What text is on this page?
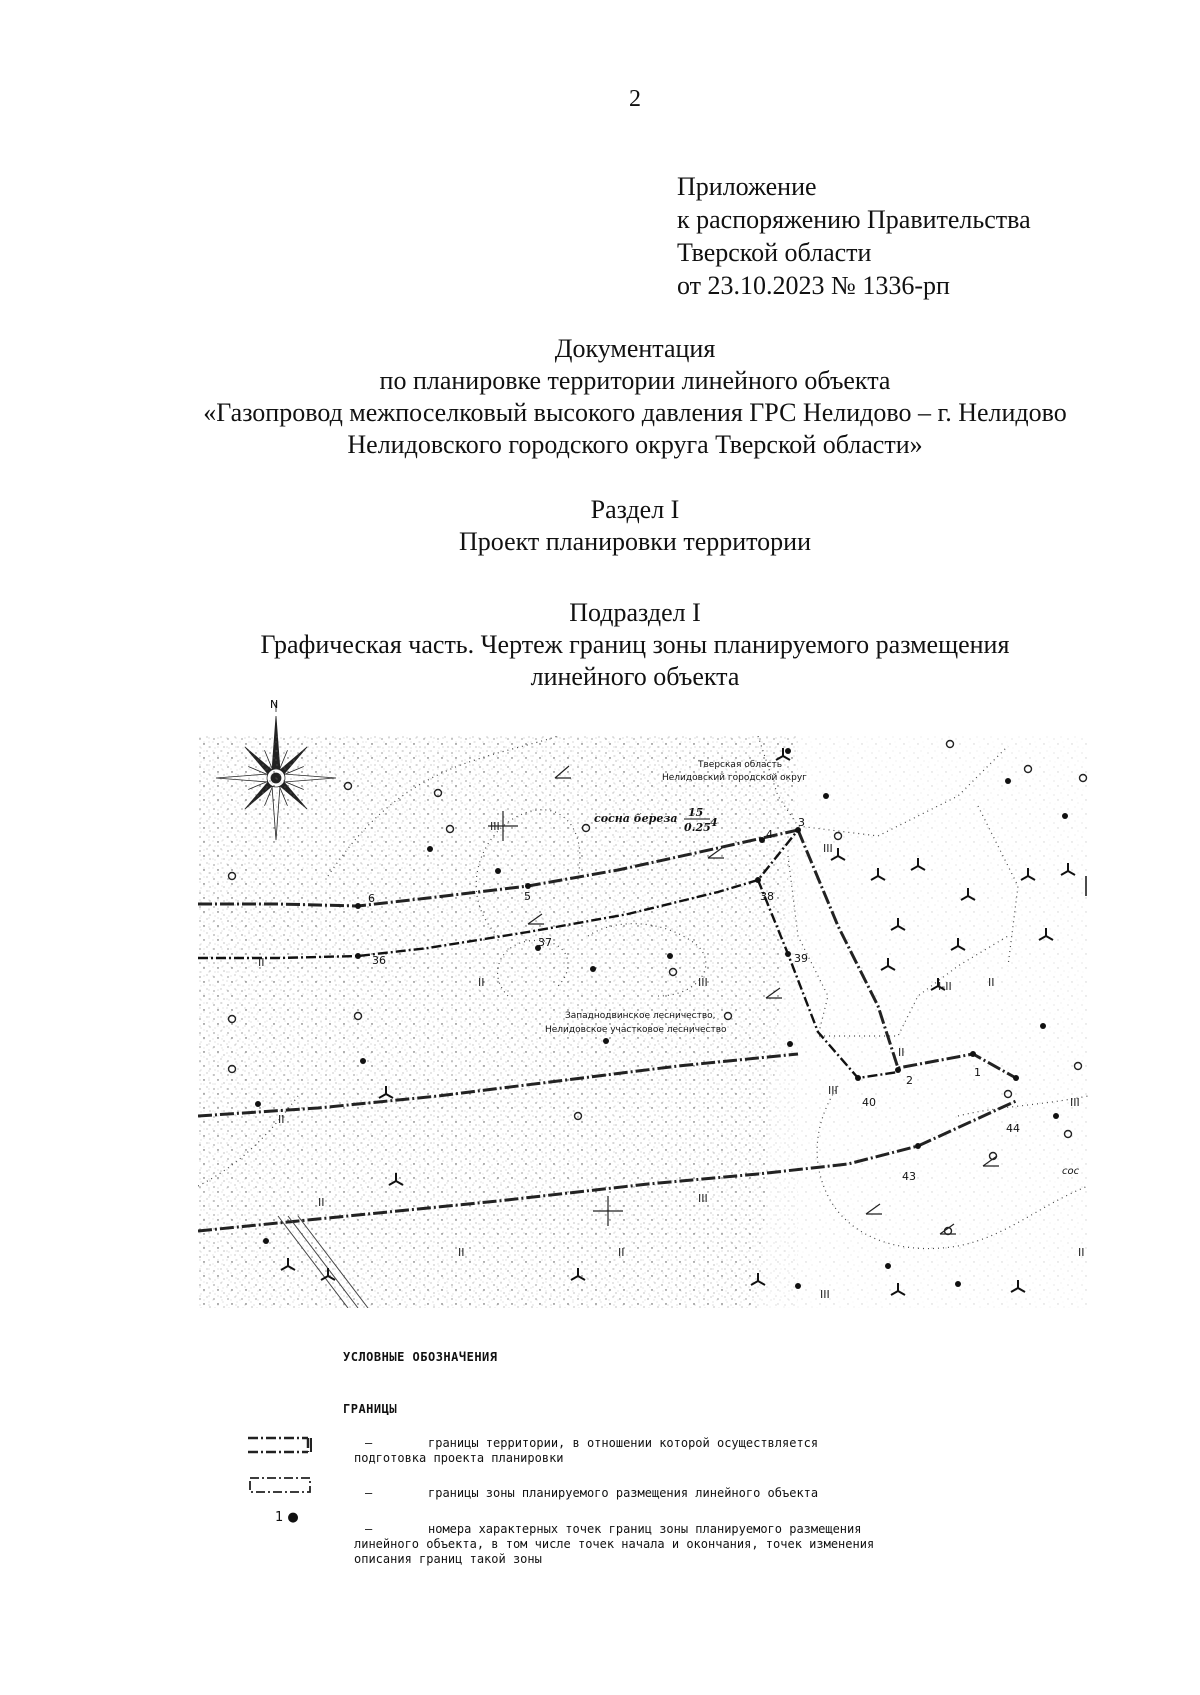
2
Приложение
к распоряжению Правительства
Тверской области
от 23.10.2023 № 1336-рп
Документация
по планировке территории линейного объекта
«Газопровод межпоселковый высокого давления ГРС Нелидово – г. Нелидово
Нелидовского городского округа Тверской области»
Раздел I
Проект планировки территории
Подраздел I
Графическая часть. Чертеж границ зоны планируемого размещения
линейного объекта
N
III
III
III
I-II
III
III
III
III
II
II
II
II	II
II
II
II
II
Тверская область
Нелидовский городской округ
Западнодвинское лесничество,
Нелидовское участковое лесничество
сос
сосна береза 15
0.25 4	3
4
5
6
36
37
38
39
40
2
1
44
43
УСЛОВНЫЕ ОБОЗНАЧЕНИЯ
ГРАНИЦЫ
–	границы территории, в отношении которой осуществляется подготовка проекта планировки
–	границы зоны планируемого размещения линейного объекта
1 ●
–	номера характерных точек границ зоны планируемого размещения линейного объекта, в том числе точек начала и окончания, точек изменения описания границ такой зоны
